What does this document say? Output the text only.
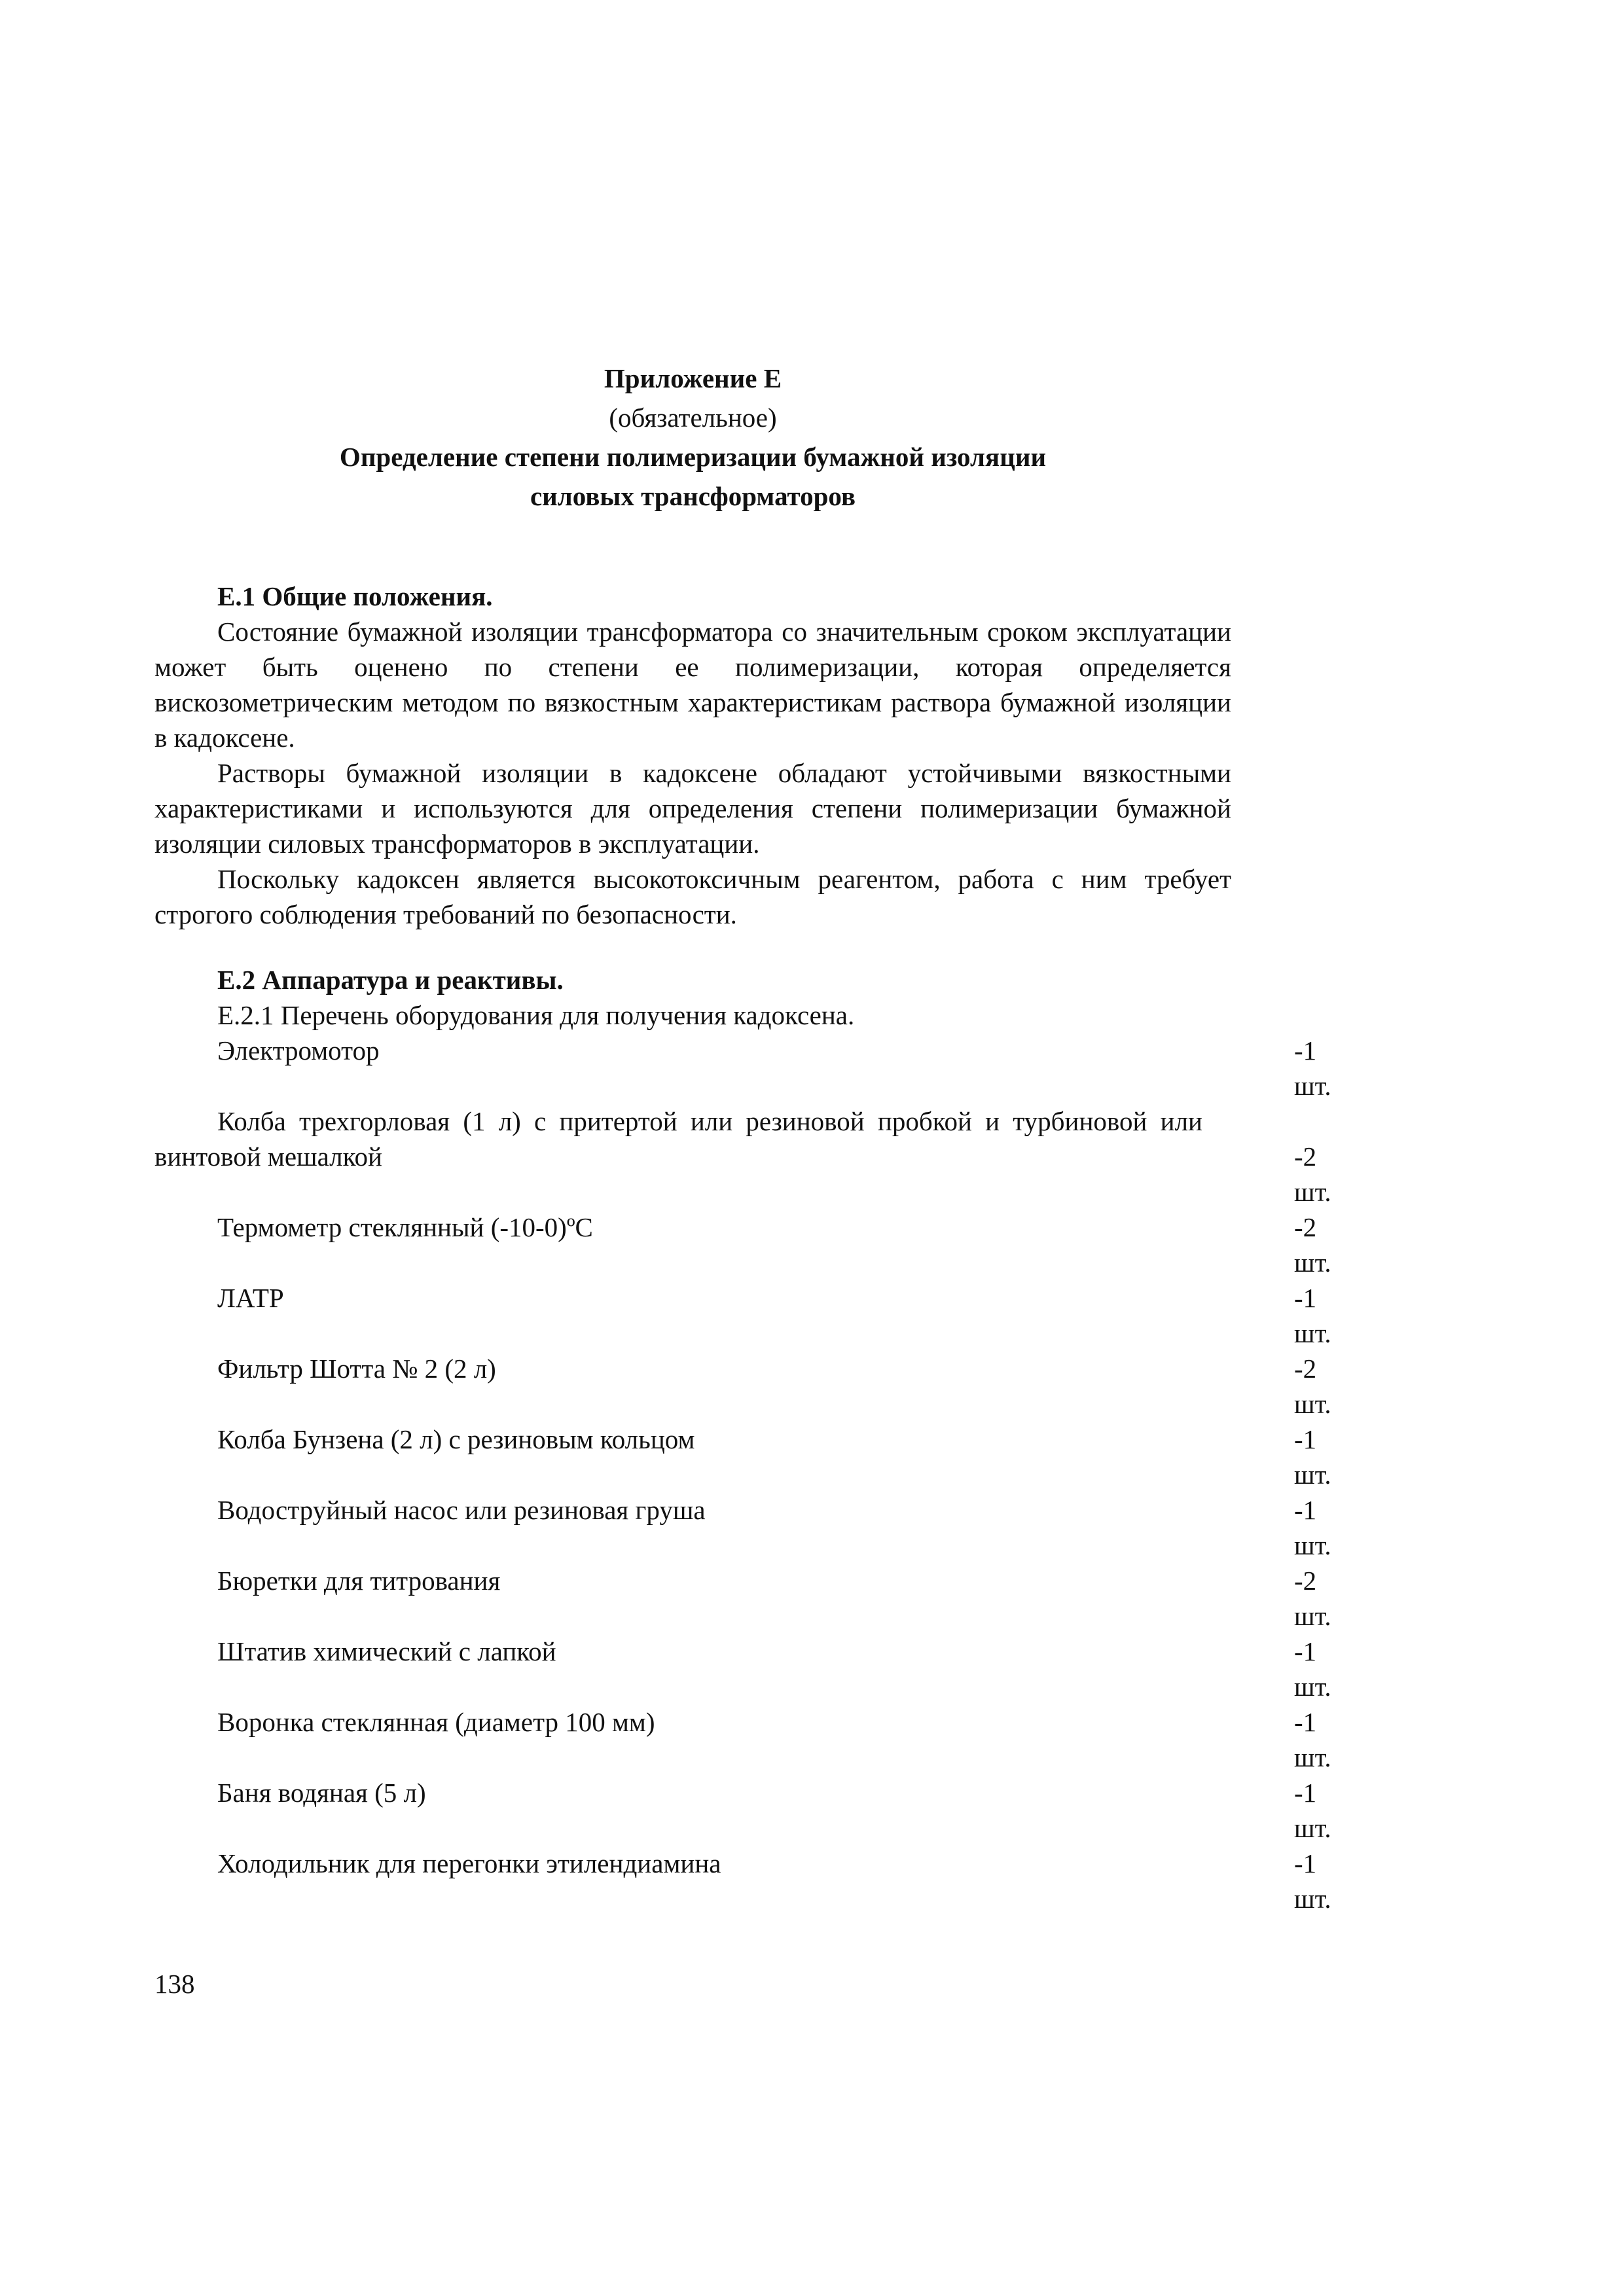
Приложение Е
(обязательное)
Определение степени полимеризации бумажной изоляции
силовых трансформаторов
Е.1 Общие положения.

Состояние бумажной изоляции трансформатора со значительным сроком эксплуатации может быть оценено по степени ее полимеризации, которая определяется вискозометрическим методом по вязкостным характеристикам раствора бумажной изоляции в кадоксене.

Растворы бумажной изоляции в кадоксене обладают устойчивыми вязкостными характеристиками и используются для определения степени полимеризации бумажной изоляции силовых трансформаторов в эксплуатации.

Поскольку кадоксен является высокотоксичным реагентом, работа с ним требует строгого соблюдения требований по безопасности.

Е.2 Аппаратура и реактивы.
Е.2.1 Перечень оборудования для получения кадоксена.
Электромотор	-1
шт.
Колба трехгорловая (1 л) с притертой или резиновой пробкой и турбиновой или винтовой мешалкой	-2
шт.
Термометр стеклянный (-10-0)ºС	-2
шт.
ЛАТР	-1
шт.
Фильтр Шотта № 2 (2 л)	-2
шт.
Колба Бунзена (2 л) с резиновым кольцом	-1
шт.
Водоструйный насос или резиновая груша	-1
шт.
Бюретки для титрования	-2
шт.
Штатив химический с лапкой	-1
шт.
Воронка стеклянная (диаметр 100 мм)	-1
шт.
Баня водяная (5 л)	-1
шт.
Холодильник для перегонки этилендиамина	-1
шт.
138
